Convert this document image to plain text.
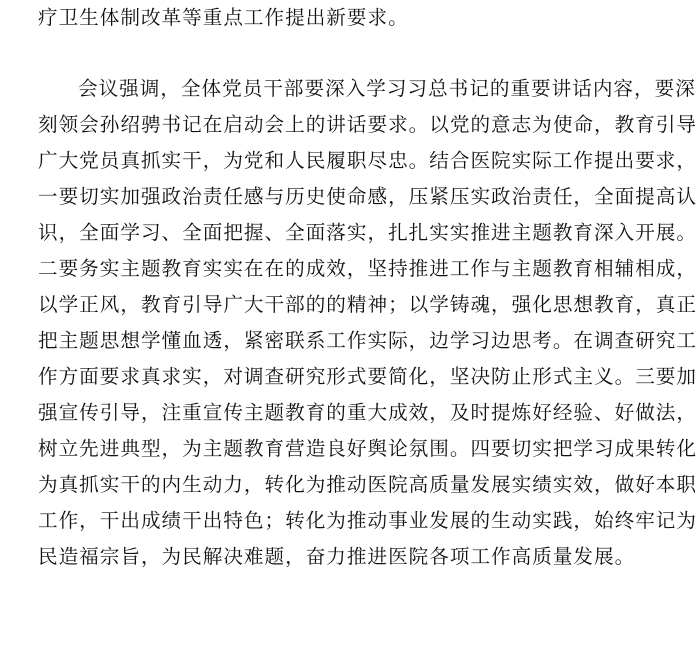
疗卫生体制改革等重点工作提出新要求。
会议强调，全体党员干部要深入学习习总书记的重要讲话内容，要深
刻领会孙绍骋书记在启动会上的讲话要求。以党的意志为使命，教育引导
广大党员真抓实干，为党和人民履职尽忠。结合医院实际工作提出要求，
一要切实加强政治责任感与历史使命感，压紧压实政治责任，全面提高认
识，全面学习、全面把握、全面落实，扎扎实实推进主题教育深入开展。
二要务实主题教育实实在在的成效，坚持推进工作与主题教育相辅相成，
以学正风，教育引导广大干部的的精神；以学铸魂，强化思想教育，真正
把主题思想学懂血透，紧密联系工作实际，边学习边思考。在调查研究工
作方面要求真求实，对调查研究形式要简化，坚决防止形式主义。三要加
强宣传引导，注重宣传主题教育的重大成效，及时提炼好经验、好做法，
树立先进典型，为主题教育营造良好舆论氛围。四要切实把学习成果转化
为真抓实干的内生动力，转化为推动医院高质量发展实绩实效，做好本职
工作，干出成绩干出特色；转化为推动事业发展的生动实践，始终牢记为
民造福宗旨，为民解决难题，奋力推进医院各项工作高质量发展。
